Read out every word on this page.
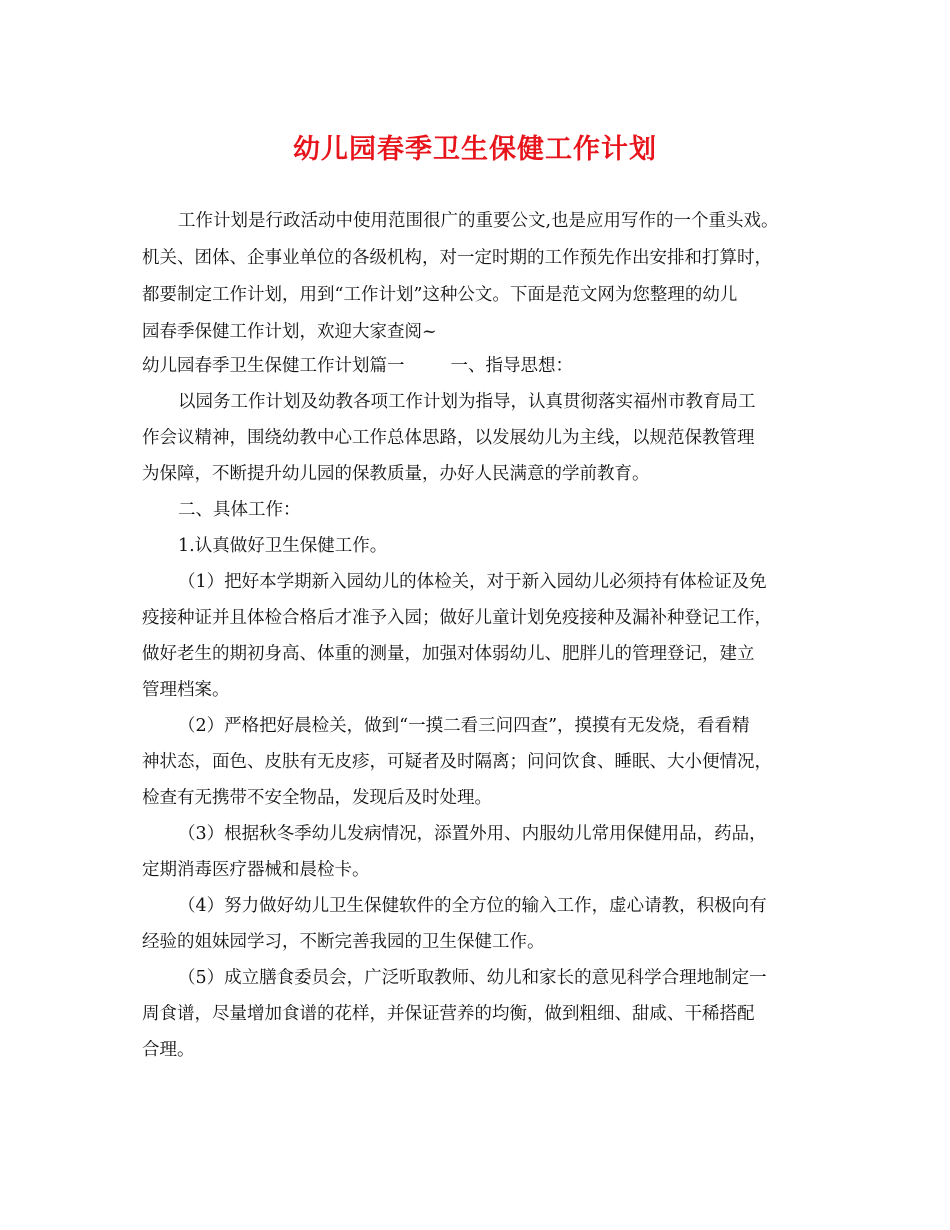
幼儿园春季卫生保健工作计划
工作计划是行政活动中使用范围很广的重要公文,也是应用写作的一个重头戏。
机关、团体、企事业单位的各级机构，对一定时期的工作预先作出安排和打算时，
都要制定工作计划，用到“工作计划”这种公文。下面是范文网为您整理的幼儿
园春季保健工作计划，欢迎大家查阅~
幼儿园春季卫生保健工作计划篇一	一、指导思想：
以园务工作计划及幼教各项工作计划为指导，认真贯彻落实福州市教育局工
作会议精神，围绕幼教中心工作总体思路，以发展幼儿为主线，以规范保教管理
为保障，不断提升幼儿园的保教质量，办好人民满意的学前教育。
二、具体工作：
1.认真做好卫生保健工作。
（1）把好本学期新入园幼儿的体检关，对于新入园幼儿必须持有体检证及免
疫接种证并且体检合格后才准予入园；做好儿童计划免疫接种及漏补种登记工作，
做好老生的期初身高、体重的测量，加强对体弱幼儿、肥胖儿的管理登记，建立
管理档案。
（2）严格把好晨检关，做到“一摸二看三问四查”，摸摸有无发烧，看看精
神状态，面色、皮肤有无皮疹，可疑者及时隔离；问问饮食、睡眠、大小便情况，
检查有无携带不安全物品，发现后及时处理。
（3）根据秋冬季幼儿发病情况，添置外用、内服幼儿常用保健用品，药品，
定期消毒医疗器械和晨检卡。
（4）努力做好幼儿卫生保健软件的全方位的输入工作，虚心请教，积极向有
经验的姐妹园学习，不断完善我园的卫生保健工作。
（5）成立膳食委员会，广泛听取教师、幼儿和家长的意见科学合理地制定一
周食谱，尽量增加食谱的花样，并保证营养的均衡，做到粗细、甜咸、干稀搭配
合理。
